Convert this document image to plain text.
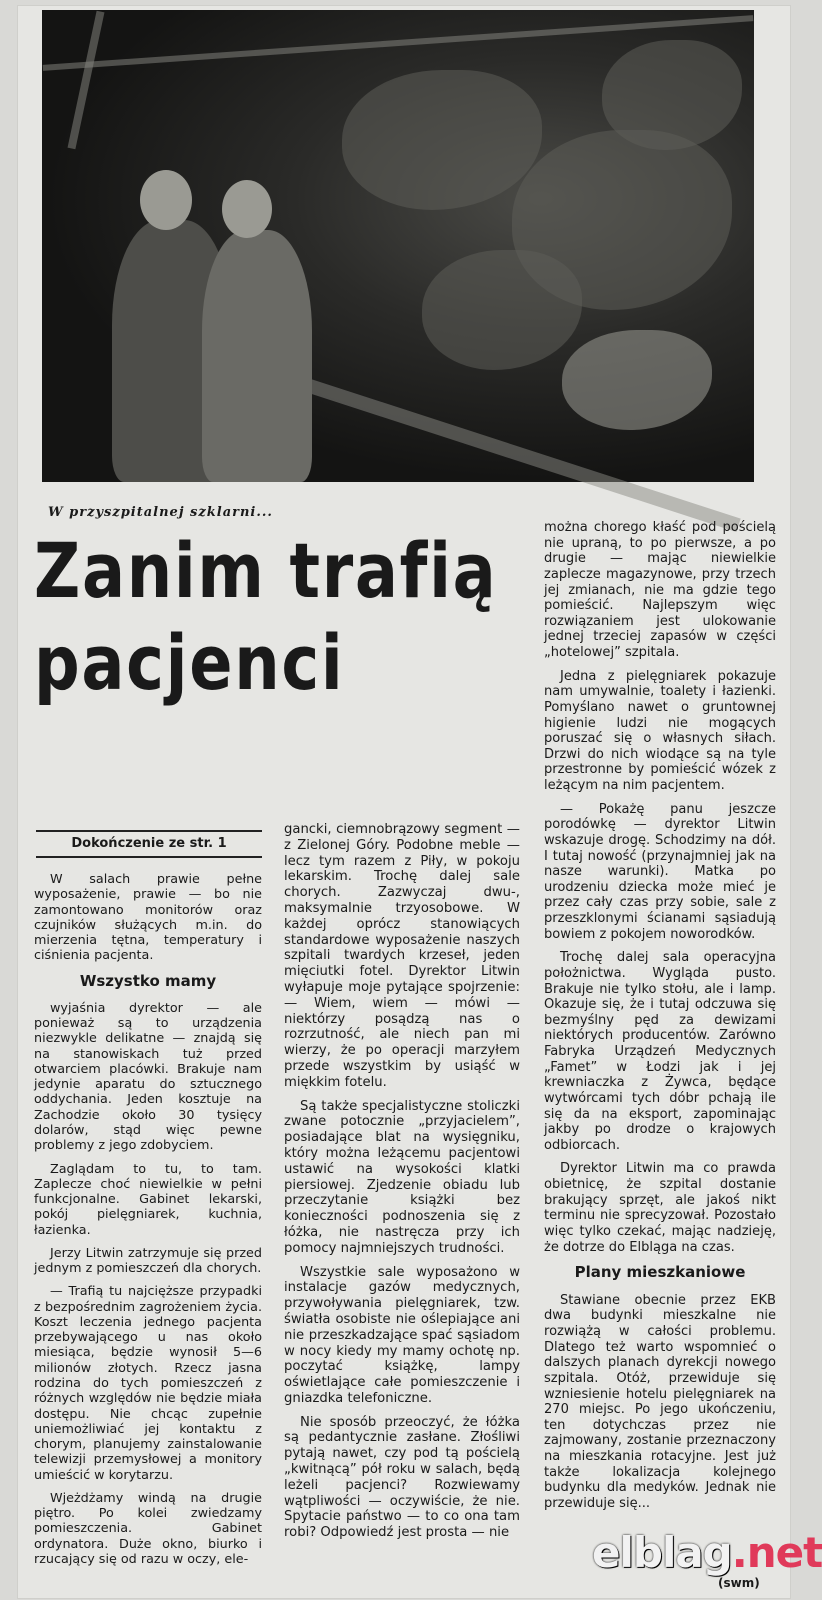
W przyszpitalnej szklarni...
Zanim trafią
pacjenci
Dokończenie ze str. 1

W salach prawie pełne wyposażenie, prawie — bo nie zamontowano monitorów oraz czujników służących m.in. do mierzenia tętna, temperatury i ciśnienia pacjenta.

Wszystko mamy

wyjaśnia dyrektor — ale ponieważ są to urządzenia niezwykle delikatne — znajdą się na stanowiskach tuż przed otwarciem placówki. Brakuje nam jedynie aparatu do sztucznego oddychania. Jeden kosztuje na Zachodzie około 30 tysięcy dolarów, stąd więc pewne problemy z jego zdobyciem.

Zaglądam to tu, to tam. Zaplecze choć niewielkie w pełni funkcjonalne. Gabinet lekarski, pokój pielęgniarek, kuchnia, łazienka.

Jerzy Litwin zatrzymuje się przed jednym z pomieszczeń dla chorych.

— Trafią tu najcięższe przypadki z bezpośrednim zagrożeniem życia. Koszt leczenia jednego pacjenta przebywającego u nas około miesiąca, będzie wynosił 5—6 milionów złotych. Rzecz jasna rodzina do tych pomieszczeń z różnych względów nie będzie miała dostępu. Nie chcąc zupełnie uniemożliwiać jej kontaktu z chorym, planujemy zainstalowanie telewizji przemysłowej a monitory umieścić w korytarzu.

Wjeżdżamy windą na drugie piętro. Po kolei zwiedzamy pomieszczenia. Gabinet ordynatora. Duże okno, biurko i rzucający się od razu w oczy, ele-

gancki, ciemnobrązowy segment — z Zielonej Góry. Podobne meble — lecz tym razem z Piły, w pokoju lekarskim. Trochę dalej sale chorych. Zazwyczaj dwu-, maksymalnie trzyosobowe. W każdej oprócz stanowiących standardowe wyposażenie naszych szpitali twardych krzeseł, jeden mięciutki fotel. Dyrektor Litwin wyłapuje moje pytające spojrzenie: — Wiem, wiem — mówi — niektórzy posądzą nas o rozrzutność, ale niech pan mi wierzy, że po operacji marzyłem przede wszystkim by usiąść w miękkim fotelu.

Są także specjalistyczne stoliczki zwane potocznie „przyjacielem”, posiadające blat na wysięgniku, który można leżącemu pacjentowi ustawić na wysokości klatki piersiowej. Zjedzenie obiadu lub przeczytanie książki bez konieczności podnoszenia się z łóżka, nie nastręcza przy ich pomocy najmniejszych trudności.

Wszystkie sale wyposażono w instalacje gazów medycznych, przywoływania pielęgniarek, tzw. światła osobiste nie oślepiające ani nie przeszkadzające spać sąsiadom w nocy kiedy my mamy ochotę np. poczytać książkę, lampy oświetlające całe pomieszczenie i gniazdka telefoniczne.

Nie sposób przeoczyć, że łóżka są pedantycznie zasłane. Złośliwi pytają nawet, czy pod tą pościelą „kwitnącą” pół roku w salach, będą leżeli pacjenci? Rozwiewamy wątpliwości — oczywiście, że nie. Spytacie państwo — to co ona tam robi? Odpowiedź jest prosta — nie

można chorego kłaść pod pościelą nie upraną, to po pierwsze, a po drugie — mając niewielkie zaplecze magazynowe, przy trzech jej zmianach, nie ma gdzie tego pomieścić. Najlepszym więc rozwiązaniem jest ulokowanie jednej trzeciej zapasów w części „hotelowej” szpitala.

Jedna z pielęgniarek pokazuje nam umywalnie, toalety i łazienki. Pomyślano nawet o gruntownej higienie ludzi nie mogących poruszać się o własnych siłach. Drzwi do nich wiodące są na tyle przestronne by pomieścić wózek z leżącym na nim pacjentem.

— Pokażę panu jeszcze porodówkę — dyrektor Litwin wskazuje drogę. Schodzimy na dół. I tutaj nowość (przynajmniej jak na nasze warunki). Matka po urodzeniu dziecka może mieć je przez cały czas przy sobie, sale z przeszklonymi ścianami sąsiadują bowiem z pokojem noworodków.

Trochę dalej sala operacyjna położnictwa. Wygląda pusto. Brakuje nie tylko stołu, ale i lamp. Okazuje się, że i tutaj odczuwa się bezmyślny pęd za dewizami niektórych producentów. Zarówno Fabryka Urządzeń Medycznych „Famet” w Łodzi jak i jej krewniaczka z Żywca, będące wytwórcami tych dóbr pchają ile się da na eksport, zapominając jakby po drodze o krajowych odbiorcach.

Dyrektor Litwin ma co prawda obietnicę, że szpital dostanie brakujący sprzęt, ale jakoś nikt terminu nie sprecyzował. Pozostało więc tylko czekać, mając nadzieję, że dotrze do Elbląga na czas.

Plany mieszkaniowe

Stawiane obecnie przez EKB dwa budynki mieszkalne nie rozwiążą w całości problemu. Dlatego też warto wspomnieć o dalszych planach dyrekcji nowego szpitala. Otóż, przewiduje się wzniesienie hotelu pielęgniarek na 270 miejsc. Po jego ukończeniu, ten dotychczas przez nie zajmowany, zostanie przeznaczony na mieszkania rotacyjne. Jest już także lokalizacja kolejnego budynku dla medyków. Jednak nie przewiduje się...

elblag.net
(swm)
